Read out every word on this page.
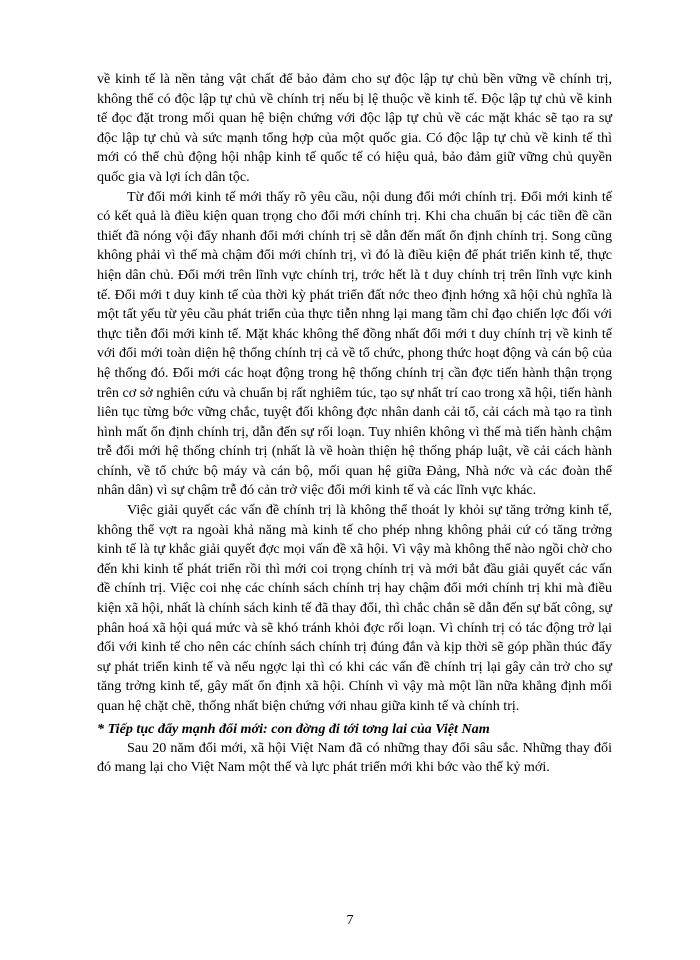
về kinh tế là nền tảng vật chất để bảo đảm cho sự độc lập tự chủ bền vững về chính trị, không thể có độc lập tự chủ về chính trị nếu bị lệ thuộc về kinh tế. Độc lập tự chủ về kinh tế đọc đặt trong mối quan hệ biện chứng với độc lập tự chủ về các mặt khác sẽ tạo ra sự độc lập tự chủ và sức mạnh tổng hợp của một quốc gia. Có độc lập tự chủ về kinh tế thì mới có thể chủ động hội nhập kinh tế quốc tế có hiệu quả, bảo đảm giữ vững chủ quyền quốc gia và lợi ích dân tộc.

Từ đổi mới kinh tế mới thấy rõ yêu cầu, nội dung đổi mới chính trị. Đổi mới kinh tế có kết quả là điều kiện quan trọng cho đổi mới chính trị. Khi cha chuẩn bị các tiền đề cần thiết đã nóng vội đẩy nhanh đổi mới chính trị sẽ dẫn đến mất ổn định chính trị. Song cũng không phải vì thế mà chậm đổi mới chính trị, vì đó là điều kiện để phát triển kinh tế, thực hiện dân chủ. Đổi mới trên lĩnh vực chính trị, trớc hết là t duy chính trị trên lĩnh vực kinh tế. Đổi mới t duy kinh tế của thời kỳ phát triển đất nớc theo định hớng xã hội chủ nghĩa là một tất yếu từ yêu cầu phát triển của thực tiễn nhng lại mang tầm chỉ đạo chiến lợc đối với thực tiễn đổi mới kinh tế. Mặt khác không thể đồng nhất đổi mới t duy chính trị về kinh tế với đổi mới toàn diện hệ thống chính trị cả về tổ chức, phong thức hoạt động và cán bộ của hệ thống đó. Đổi mới các hoạt động trong hệ thống chính trị cần đợc tiến hành thận trọng trên cơ sở nghiên cứu và chuẩn bị rất nghiêm túc, tạo sự nhất trí cao trong xã hội, tiến hành liên tục từng bớc vững chắc, tuyệt đối không đợc nhân danh cải tổ, cải cách mà tạo ra tình hình mất ổn định chính trị, dẫn đến sự rối loạn. Tuy nhiên không vì thế mà tiến hành chậm trễ đổi mới hệ thống chính trị (nhất là về hoàn thiện hệ thống pháp luật, về cải cách hành chính, về tổ chức bộ máy và cán bộ, mối quan hệ giữa Đảng, Nhà nớc và các đoàn thể nhân dân) vì sự chậm trễ đó cản trở việc đổi mới kinh tế và các lĩnh vực khác.

Việc giải quyết các vấn đề chính trị là không thể thoát ly khỏi sự tăng trởng kinh tế, không thể vợt ra ngoài khả năng mà kinh tế cho phép nhng không phải cứ có tăng trởng kinh tế là tự khắc giải quyết đợc mọi vấn đề xã hội. Vì vậy mà không thể nào ngồi chờ cho đến khi kinh tế phát triển rồi thì mới coi trọng chính trị và mới bắt đầu giải quyết các vấn đề chính trị. Việc coi nhẹ các chính sách chính trị hay chậm đổi mới chính trị khi mà điều kiện xã hội, nhất là chính sách kinh tế đã thay đổi, thì chắc chắn sẽ dẫn đến sự bất công, sự phân hoá xã hội quá mức và sẽ khó tránh khỏi đợc rối loạn. Vì chính trị có tác động trở lại đối với kinh tế cho nên các chính sách chính trị đúng đắn và kịp thời sẽ góp phần thúc đẩy sự phát triển kinh tế và nếu ngợc lại thì có khi các vấn đề chính trị lại gây cản trở cho sự tăng trởng kinh tế, gây mất ổn định xã hội. Chính vì vậy mà một lần nữa khẳng định mối quan hệ chặt chẽ, thống nhất biện chứng với nhau giữa kinh tế và chính trị.

* Tiếp tục đẩy mạnh đổi mới: con đờng đi tới tơng lai của Việt Nam

Sau 20 năm đổi mới, xã hội Việt Nam đã có những thay đổi sâu sắc. Những thay đổi đó mang lại cho Việt Nam một thế và lực phát triển mới khi bớc vào thế kỷ mới.

7
